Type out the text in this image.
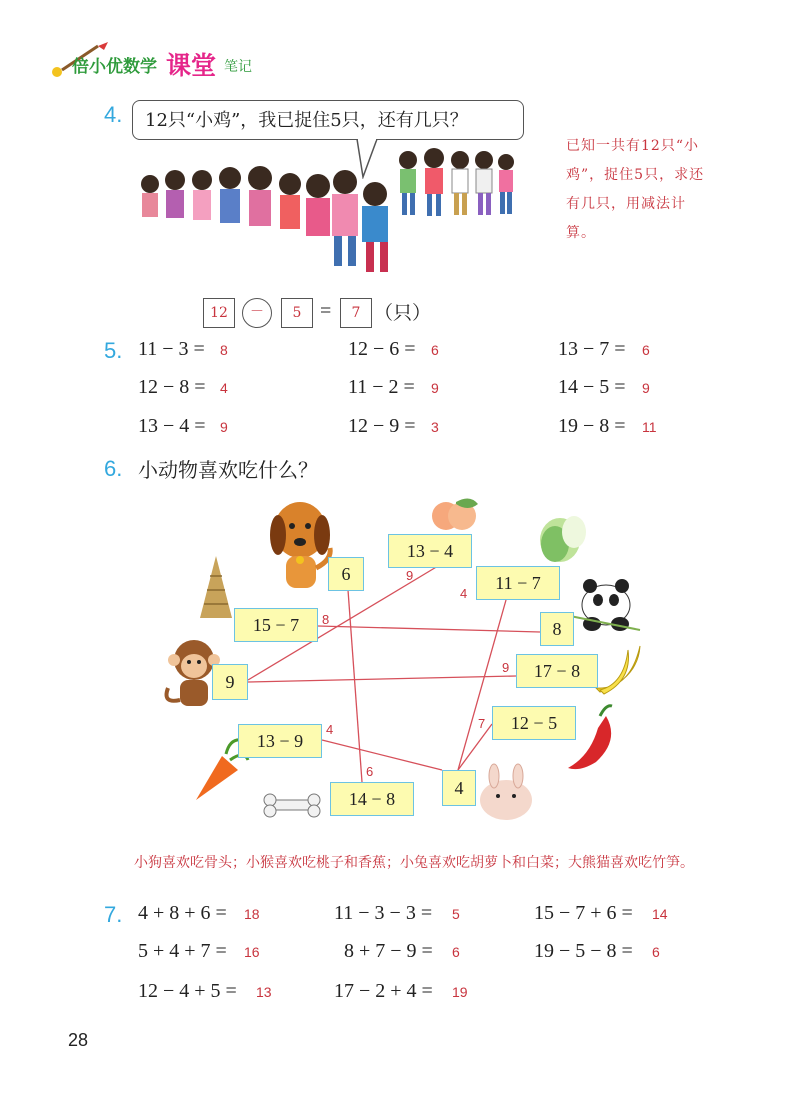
倍小优数学 课堂 笔记
4.	12只“小鸡”，我已捉住5只，还有几只？
已知一共有12只“小鸡”，捉住5只，求还有几只，用减法计算。
12	－	5 =	7 （只）
5. 11 − 3 = 8	12 − 6 = 6	13 − 7 = 6
12 − 8 = 4	11 − 2 = 9	14 − 5 = 9
13 − 4 = 9	12 − 9 = 3	19 − 8 = 11
6. 小动物喜欢吃什么？
6
9
4
8
13 − 4
11 − 7
15 − 7
17 − 8
12 − 5
13 − 9
14 − 8
9
4
8
9
7
4
6
小狗喜欢吃骨头；小猴喜欢吃桃子和香蕉；小兔喜欢吃胡萝卜和白菜；大熊猫喜欢吃竹笋。
7. 4 + 8 + 6 = 18	11 − 3 − 3 = 5	15 − 7 + 6 = 14
5 + 4 + 7 = 16	8 + 7 − 9 = 6	19 − 5 − 8 = 6
12 − 4 + 5 = 13	17 − 2 + 4 = 19
28
